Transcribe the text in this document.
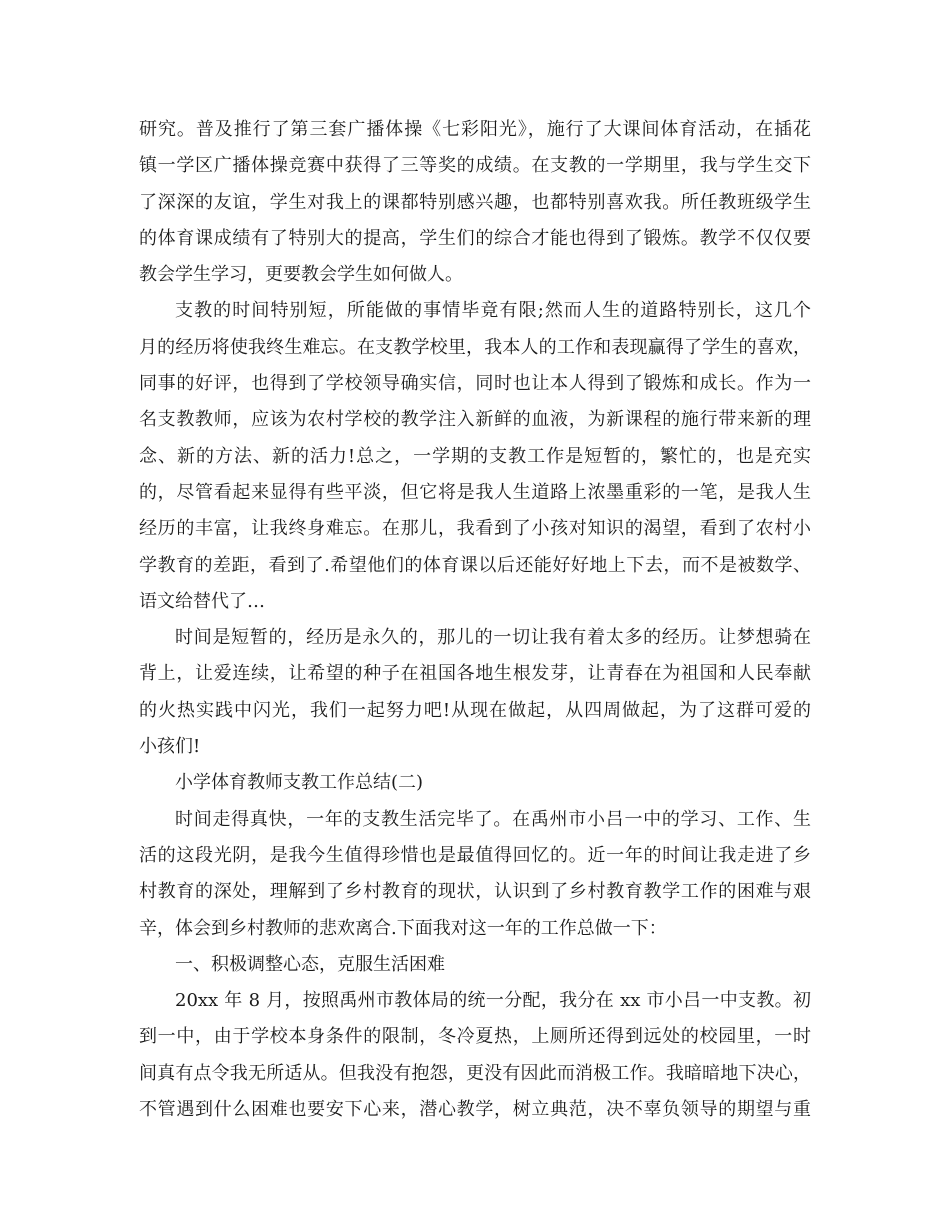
研究。普及推行了第三套广播体操《七彩阳光》，施行了大课间体育活动，在插花
镇一学区广播体操竞赛中获得了三等奖的成绩。在支教的一学期里，我与学生交下
了深深的友谊，学生对我上的课都特别感兴趣，也都特别喜欢我。所任教班级学生
的体育课成绩有了特别大的提高，学生们的综合才能也得到了锻炼。教学不仅仅要
教会学生学习，更要教会学生如何做人。
支教的时间特别短，所能做的事情毕竟有限;然而人生的道路特别长，这几个
月的经历将使我终生难忘。在支教学校里，我本人的工作和表现赢得了学生的喜欢，
同事的好评，也得到了学校领导确实信，同时也让本人得到了锻炼和成长。作为一
名支教教师，应该为农村学校的教学注入新鲜的血液，为新课程的施行带来新的理
念、新的方法、新的活力!总之，一学期的支教工作是短暂的，繁忙的，也是充实
的，尽管看起来显得有些平淡，但它将是我人生道路上浓墨重彩的一笔，是我人生
经历的丰富，让我终身难忘。在那儿，我看到了小孩对知识的渴望，看到了农村小
学教育的差距，看到了.希望他们的体育课以后还能好好地上下去，而不是被数学、
语文给替代了…
时间是短暂的，经历是永久的，那儿的一切让我有着太多的经历。让梦想骑在
背上，让爱连续，让希望的种子在祖国各地生根发芽，让青春在为祖国和人民奉献
的火热实践中闪光，我们一起努力吧!从现在做起，从四周做起，为了这群可爱的
小孩们!
小学体育教师支教工作总结(二)
时间走得真快，一年的支教生活完毕了。在禹州市小吕一中的学习、工作、生
活的这段光阴，是我今生值得珍惜也是最值得回忆的。近一年的时间让我走进了乡
村教育的深处，理解到了乡村教育的现状，认识到了乡村教育教学工作的困难与艰
辛，体会到乡村教师的悲欢离合.下面我对这一年的工作总做一下：
一、积极调整心态，克服生活困难
20xx 年 8 月，按照禹州市教体局的统一分配，我分在 xx 市小吕一中支教。初
到一中，由于学校本身条件的限制，冬冷夏热，上厕所还得到远处的校园里，一时
间真有点令我无所适从。但我没有抱怨，更没有因此而消极工作。我暗暗地下决心，
不管遇到什么困难也要安下心来，潜心教学，树立典范，决不辜负领导的期望与重
